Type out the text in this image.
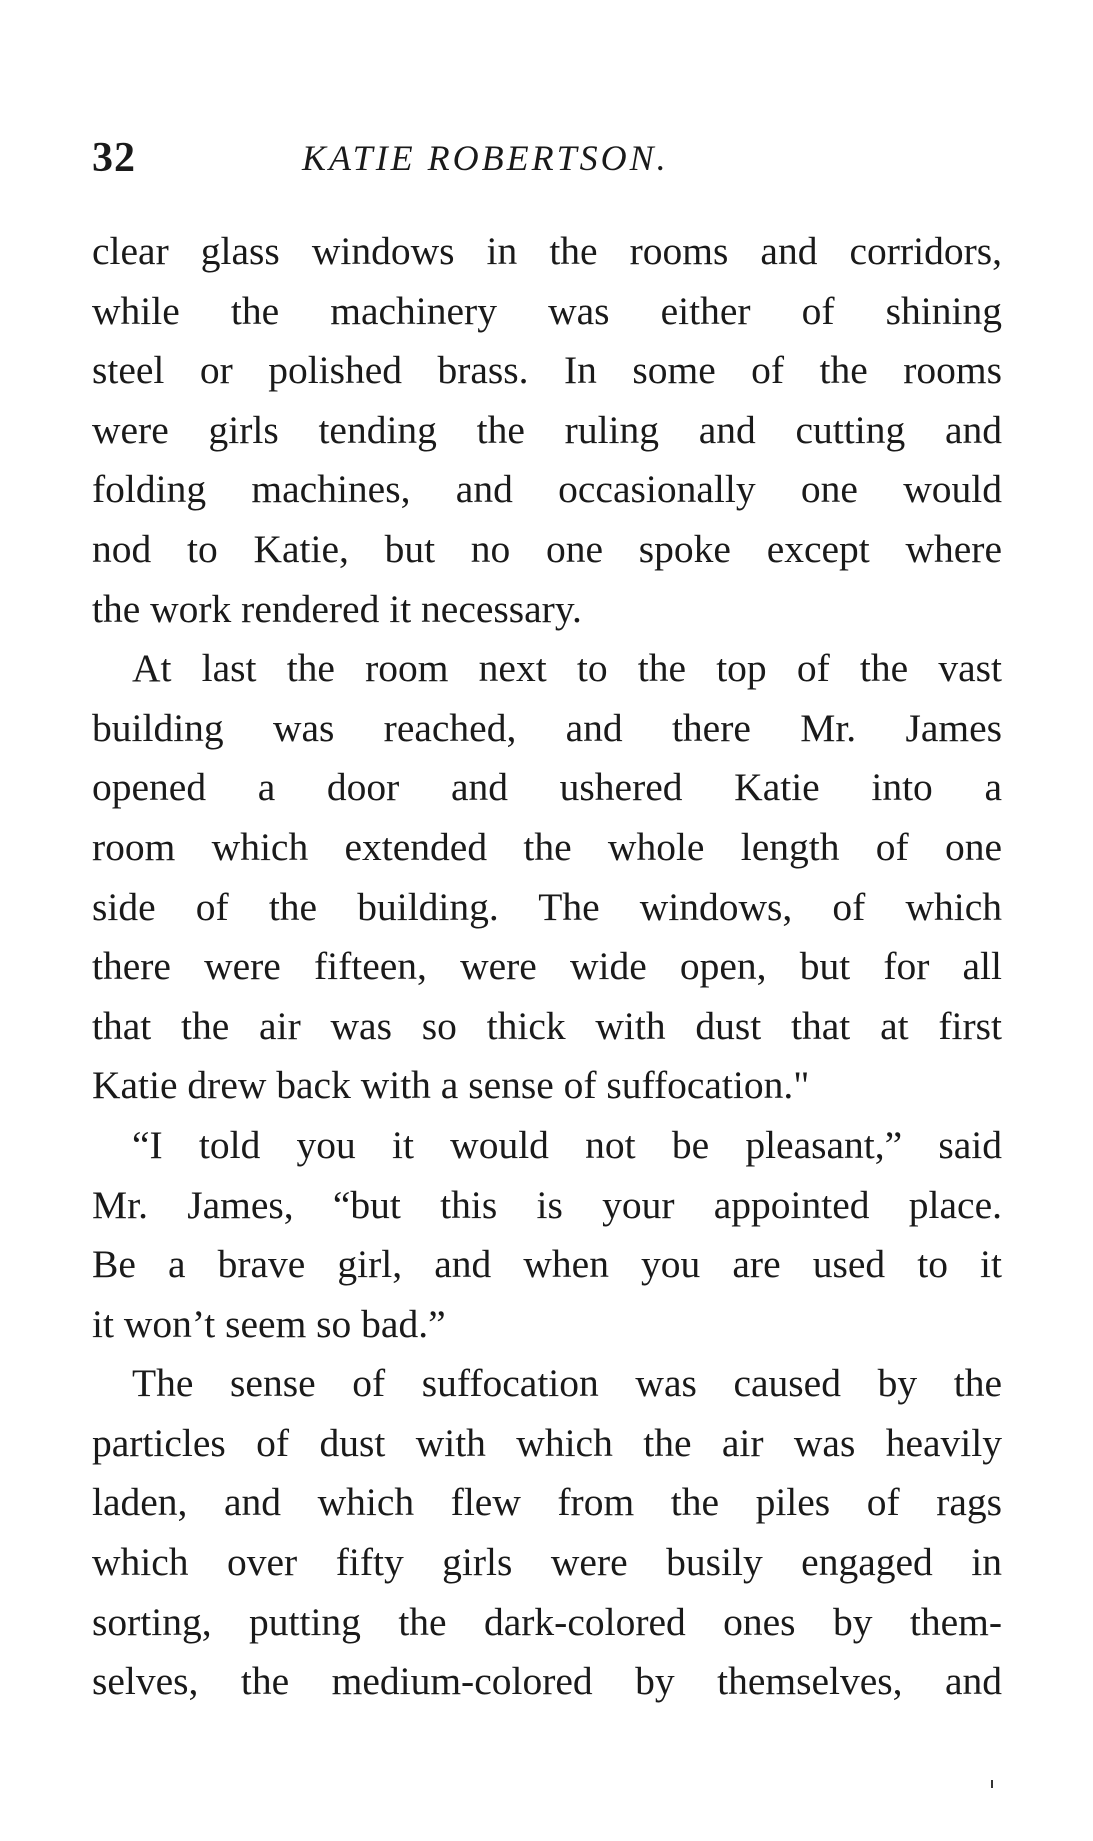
32	KATIE ROBERTSON.
clear glass windows in the rooms and corridors,
while the machinery was either of shining
steel or polished brass. In some of the rooms
were girls tending the ruling and cutting and
folding machines, and occasionally one would
nod to Katie, but no one spoke except where
the work rendered it necessary.
At last the room next to the top of the vast
building was reached, and there Mr. James
opened a door and ushered Katie into a
room which extended the whole length of one
side of the building. The windows, of which
there were fifteen, were wide open, but for all
that the air was so thick with dust that at first
Katie drew back with a sense of suffocation."
“I told you it would not be pleasant,” said
Mr. James, “but this is your appointed place.
Be a brave girl, and when you are used to it
it won’t seem so bad.”
The sense of suffocation was caused by the
particles of dust with which the air was heavily
laden, and which flew from the piles of rags
which over fifty girls were busily engaged in
sorting, putting the dark-colored ones by them-
selves, the medium-colored by themselves, and
